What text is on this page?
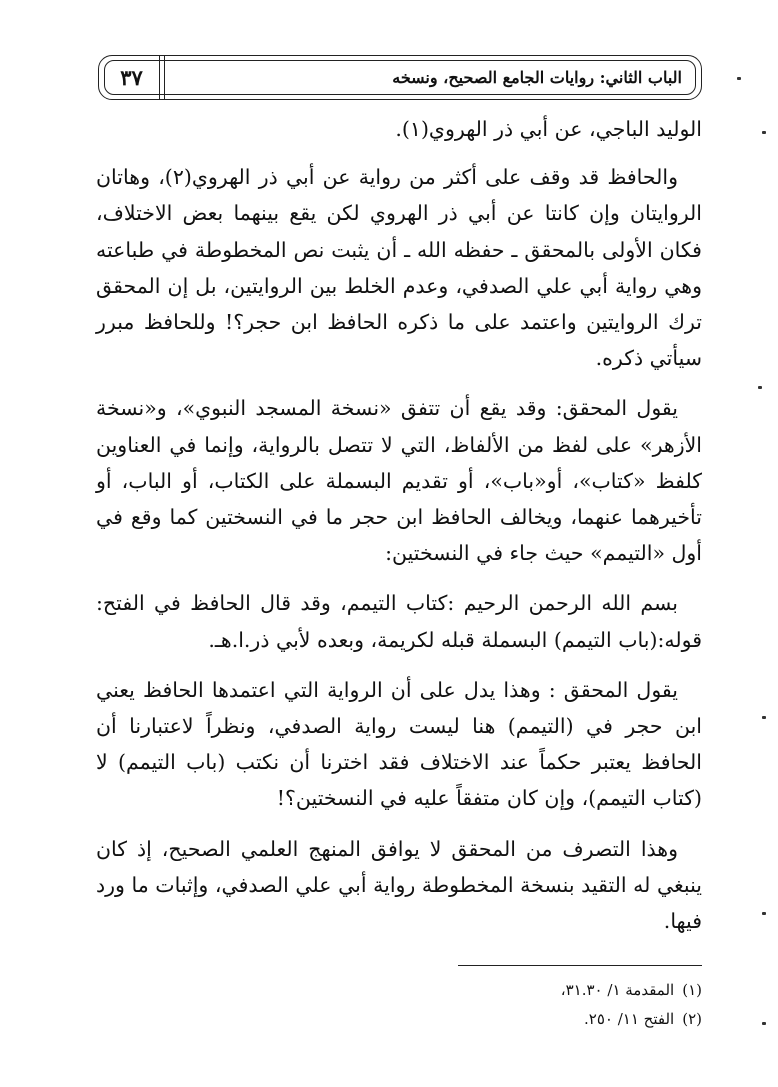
٣٧	الباب الثاني: روايات الجامع الصحيح، ونسخه

الوليد الباجي، عن أبي ذر الهروي(١).

والحافظ قد وقف على أكثر من رواية عن أبي ذر الهروي(٢)، وهاتان الروايتان وإن كانتا عن أبي ذر الهروي لكن يقع بينهما بعض الاختلاف، فكان الأولى بالمحقق ـ حفظه الله ـ أن يثبت نص المخطوطة في طباعته وهي رواية أبي علي الصدفي، وعدم الخلط بين الروايتين، بل إن المحقق ترك الروايتين واعتمد على ما ذكره الحافظ ابن حجر؟! وللحافظ مبرر سيأتي ذكره.

يقول المحقق: وقد يقع أن تتفق «نسخة المسجد النبوي»، و«نسخة الأزهر» على لفظ من الألفاظ، التي لا تتصل بالرواية، وإنما في العناوين كلفظ «كتاب»، أو«باب»، أو تقديم البسملة على الكتاب، أو الباب، أو تأخيرهما عنهما، ويخالف الحافظ ابن حجر ما في النسختين كما وقع في أول «التيمم» حيث جاء في النسختين:

بسم الله الرحمن الرحيم :كتاب التيمم، وقد قال الحافظ في الفتح: قوله:(باب التيمم) البسملة قبله لكريمة، وبعده لأبي ذر.ا.هـ.

يقول المحقق : وهذا يدل على أن الرواية التي اعتمدها الحافظ يعني ابن حجر في (التيمم) هنا ليست رواية الصدفي، ونظراً لاعتبارنا أن الحافظ يعتبر حكماً عند الاختلاف فقد اخترنا أن نكتب (باب التيمم) لا (كتاب التيمم)، وإن كان متفقاً عليه في النسختين؟!

وهذا التصرف من المحقق لا يوافق المنهج العلمي الصحيح، إذ كان ينبغي له التقيد بنسخة المخطوطة رواية أبي علي الصدفي، وإثبات ما ورد فيها.

(١)
المقدمة ١/ ٣١.٣٠،
(٢)
الفتح ١١/ ٢٥٠.
